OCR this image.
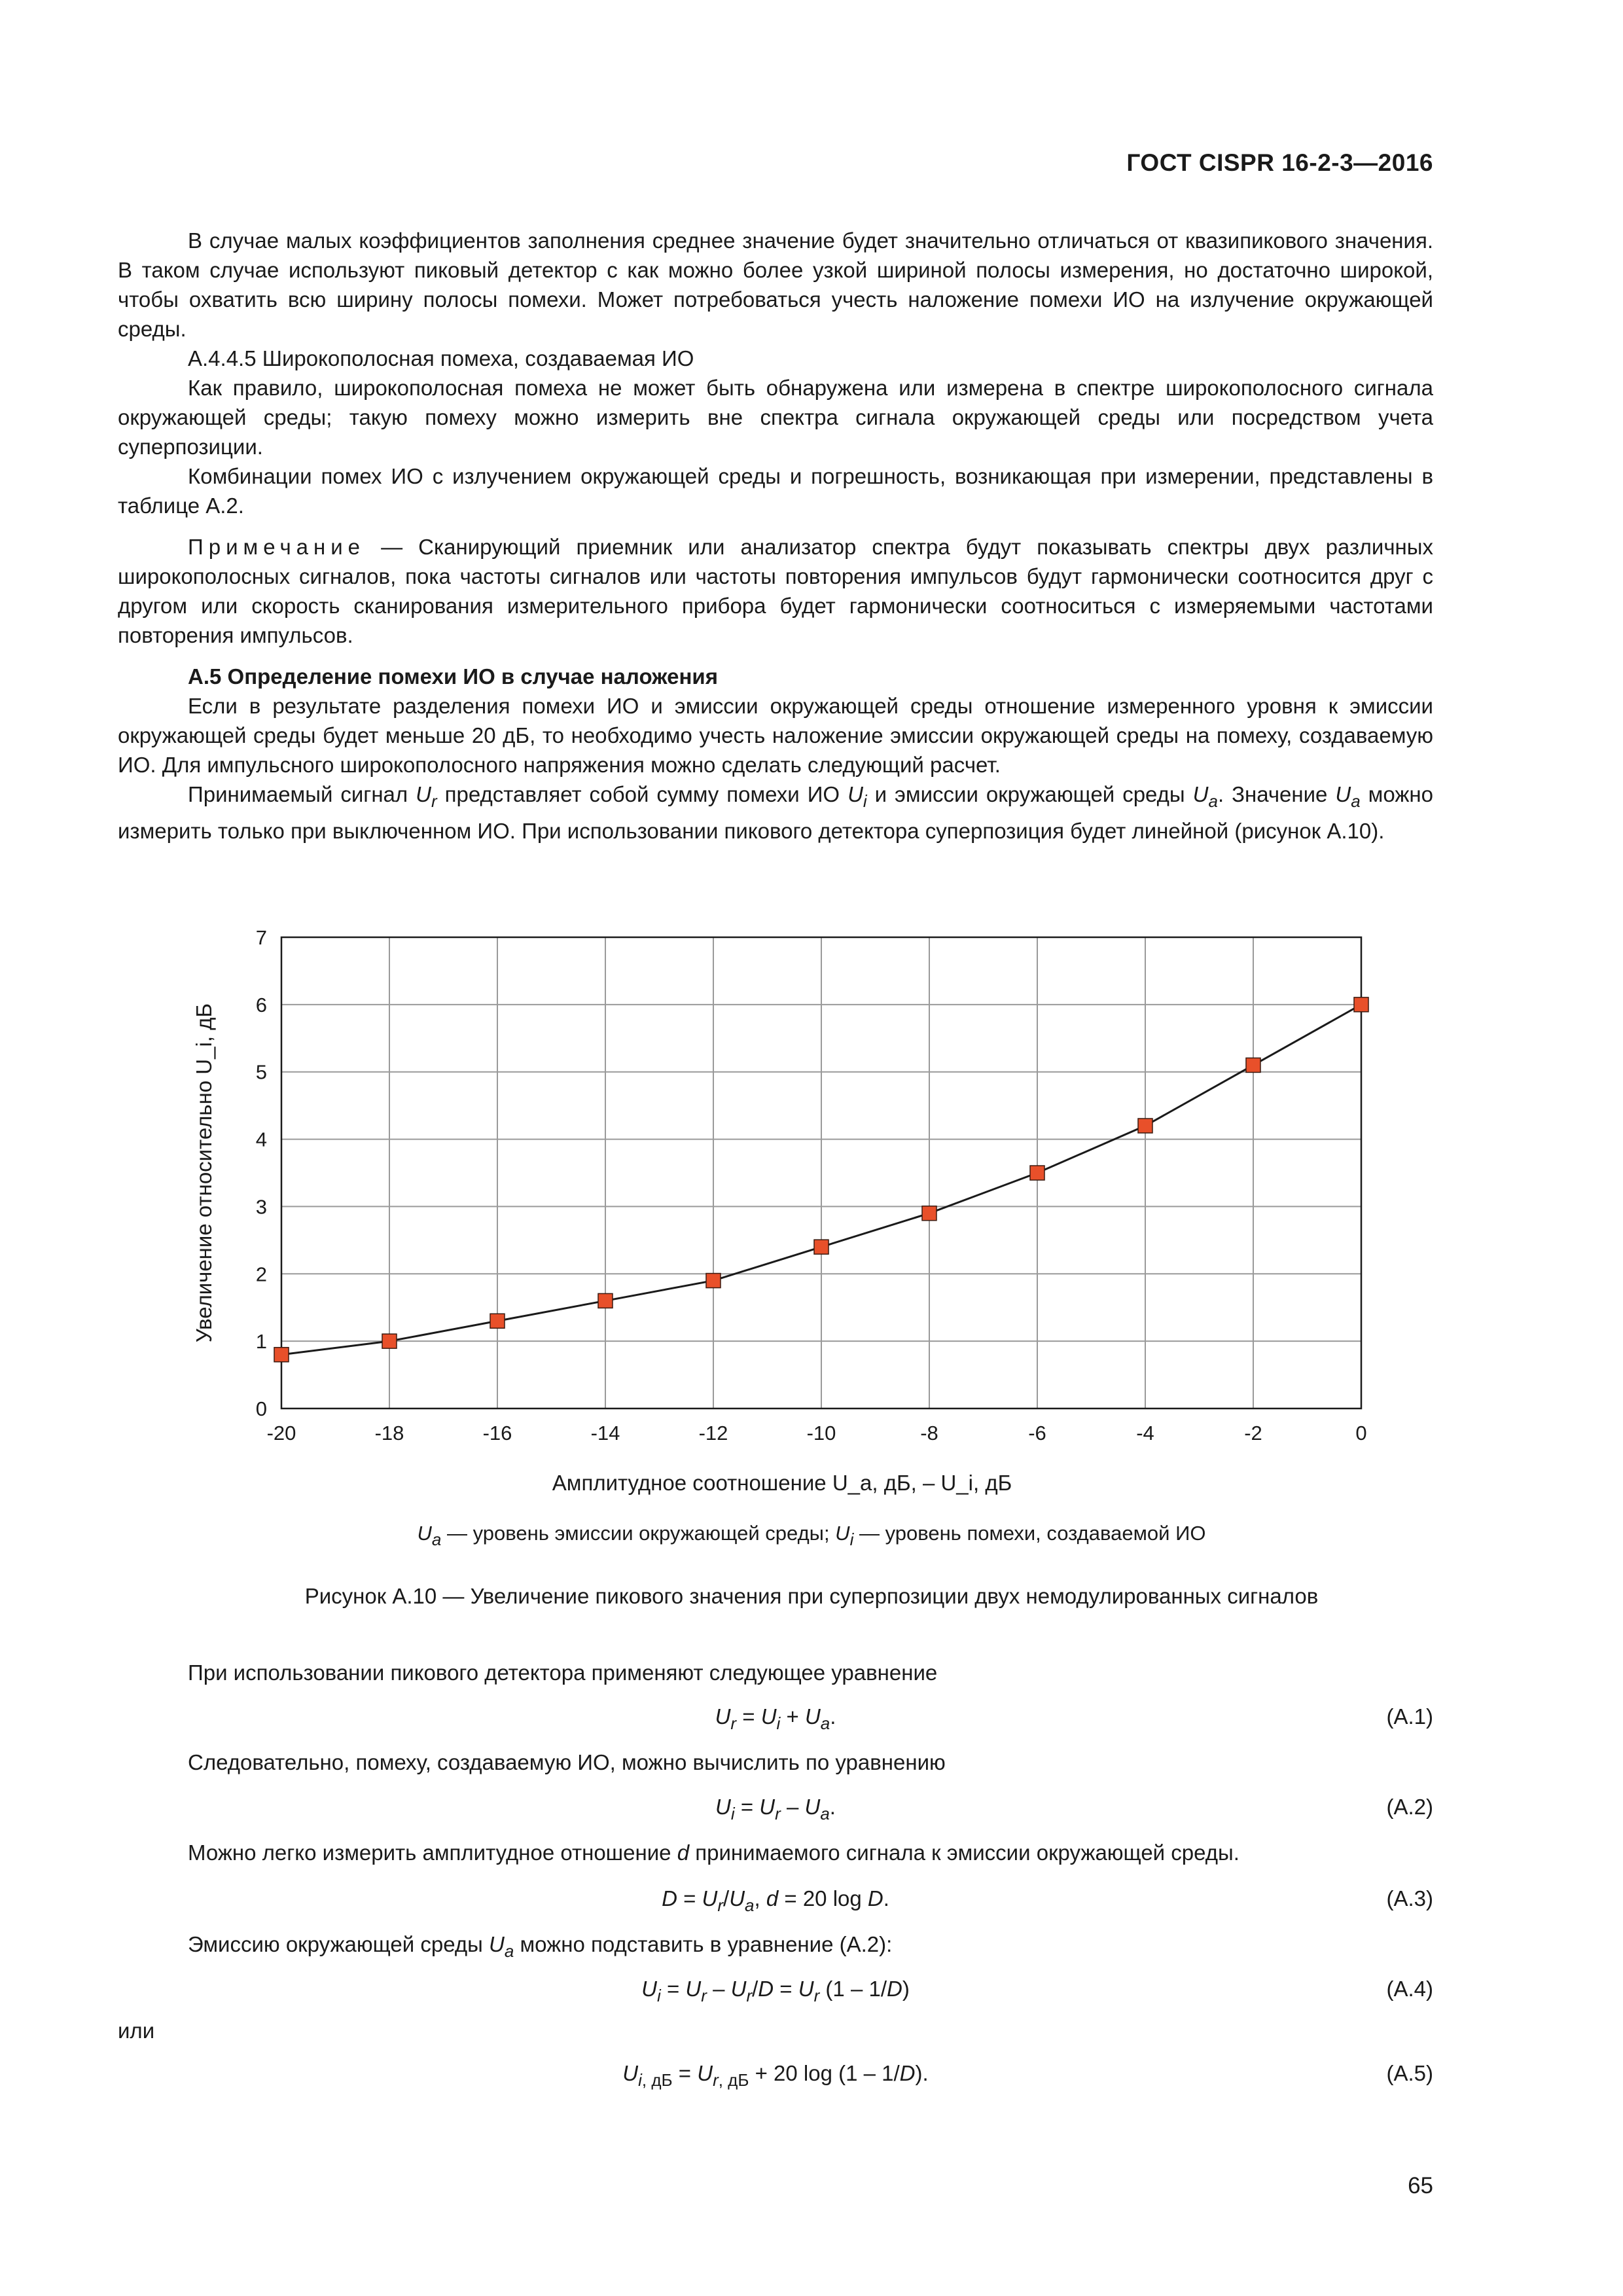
ГОСТ CISPR 16-2-3—2016

В случае малых коэффициентов заполнения среднее значение будет значительно отличаться от квазипикового значения. В таком случае используют пиковый детектор с как можно более узкой шириной полосы измерения, но достаточно широкой, чтобы охватить всю ширину полосы помехи. Может потребоваться учесть наложение помехи ИО на излучение окружающей среды.

А.4.4.5 Широкополосная помеха, создаваемая ИО

Как правило, широкополосная помеха не может быть обнаружена или измерена в спектре широкополосного сигнала окружающей среды; такую помеху можно измерить вне спектра сигнала окружающей среды или посредством учета суперпозиции.

Комбинации помех ИО с излучением окружающей среды и погрешность, возникающая при измерении, представлены в таблице А.2.

Примечание — Сканирующий приемник или анализатор спектра будут показывать спектры двух различных широкополосных сигналов, пока частоты сигналов или частоты повторения импульсов будут гармонически соотносится друг с другом или скорость сканирования измерительного прибора будет гармонически соотноситься с измеряемыми частотами повторения импульсов.

А.5 Определение помехи ИО в случае наложения

Если в результате разделения помехи ИО и эмиссии окружающей среды отношение измеренного уровня к эмиссии окружающей среды будет меньше 20 дБ, то необходимо учесть наложение эмиссии окружающей среды на помеху, создаваемую ИО. Для импульсного широкополосного напряжения можно сделать следующий расчет.

Принимаемый сигнал $U_r$ представляет собой сумму помехи ИО $U_i$ и эмиссии окружающей среды $U_a$. Значение $U_a$ можно измерить только при выключенном ИО. При использовании пикового детектора суперпозиция будет линейной (рисунок А.10).

-20	-18	-16	-14	-12	-10	-8	-6	-4	-2	0
0
1
2
3
4
5
6
7
Амплитудное соотношение U_a, дБ, – U_i, дБ
Увеличение относительно U_i, дБ
$U_a$ — уровень эмиссии окружающей среды; $U_i$ — уровень помехи, создаваемой ИО
Рисунок А.10 — Увеличение пикового значения при суперпозиции двух немодулированных сигналов
При использовании пикового детектора применяют следующее уравнение
$U_r = U_i + U_a$.	(А.1)
Следовательно, помеху, создаваемую ИО, можно вычислить по уравнению
$U_i = U_r - U_a$.	(А.2)
Можно легко измерить амплитудное отношение d принимаемого сигнала к эмиссии окружающей среды.
$D = U_r/U_a$, d = 20 log D.	(А.3)
Эмиссию окружающей среды $U_a$ можно подставить в уравнение (А.2):
$U_i = U_r - U_r/D = U_r$ (1 – 1/D)	(А.4)
или
$U_{i, дБ} = U_{r, дБ} + 20$ log (1 – 1/D).	(А.5)
65
